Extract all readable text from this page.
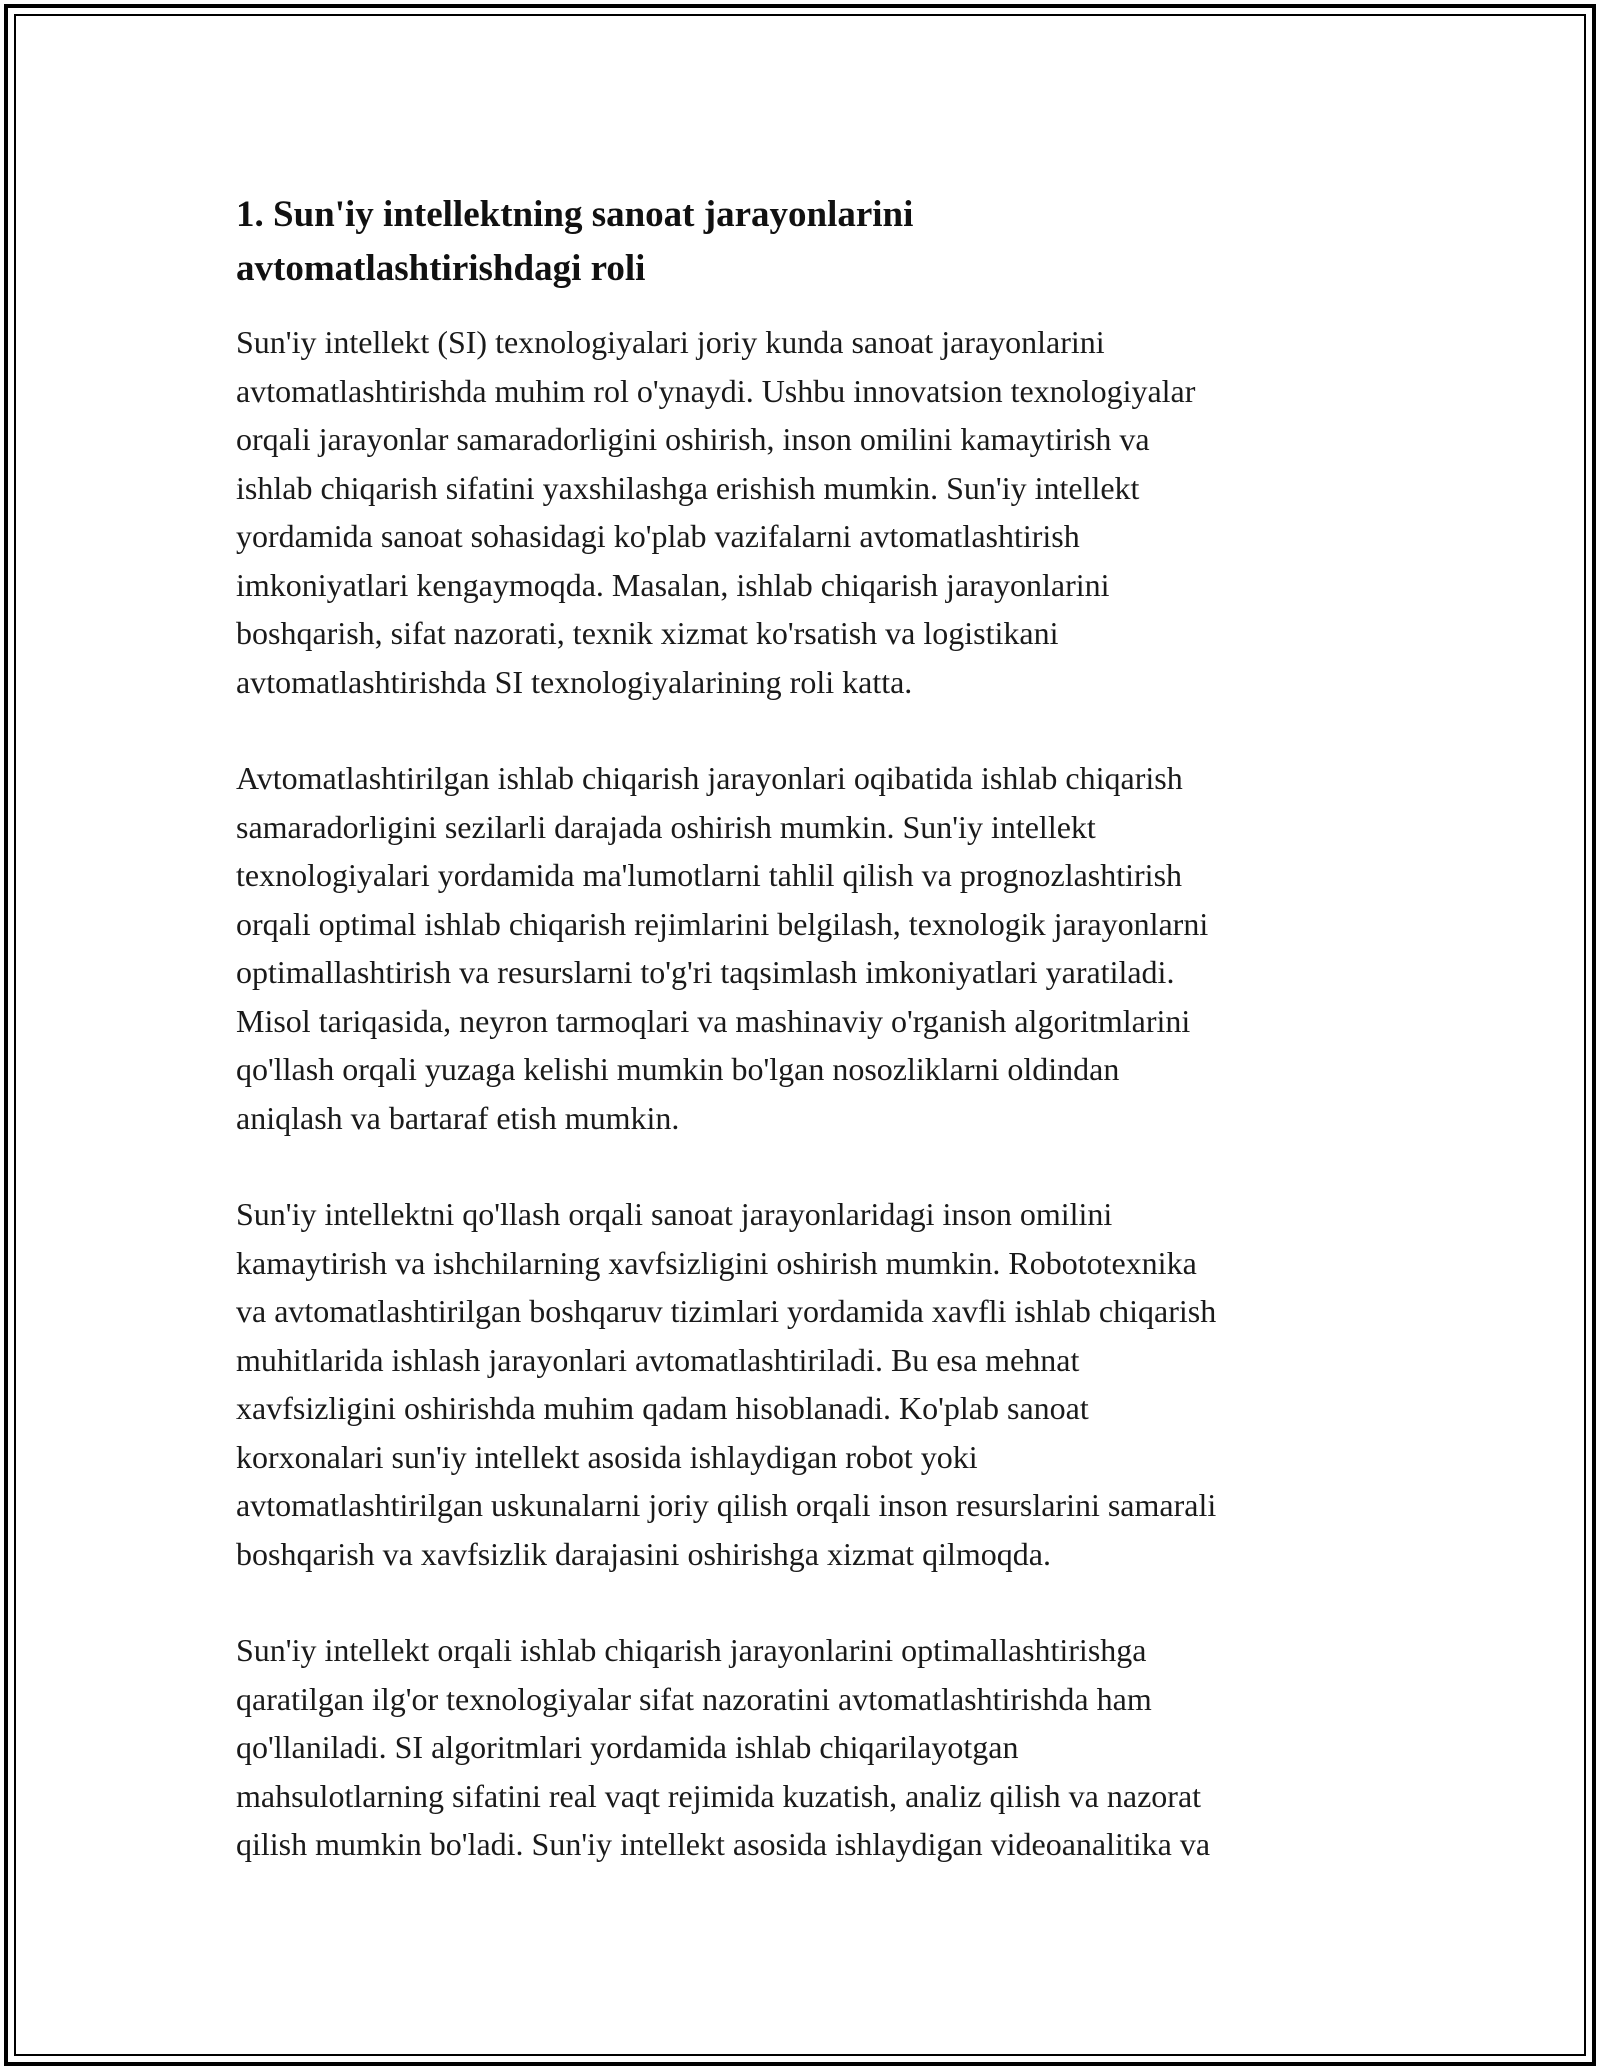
1. Sun'iy intellektning sanoat jarayonlarini
avtomatlashtirishdagi roli

Sun'iy intellekt (SI) texnologiyalari joriy kunda sanoat jarayonlarini
avtomatlashtirishda muhim rol o'ynaydi. Ushbu innovatsion texnologiyalar
orqali jarayonlar samaradorligini oshirish, inson omilini kamaytirish va
ishlab chiqarish sifatini yaxshilashga erishish mumkin. Sun'iy intellekt
yordamida sanoat sohasidagi ko'plab vazifalarni avtomatlashtirish
imkoniyatlari kengaymoqda. Masalan, ishlab chiqarish jarayonlarini
boshqarish, sifat nazorati, texnik xizmat ko'rsatish va logistikani
avtomatlashtirishda SI texnologiyalarining roli katta.

Avtomatlashtirilgan ishlab chiqarish jarayonlari oqibatida ishlab chiqarish
samaradorligini sezilarli darajada oshirish mumkin. Sun'iy intellekt
texnologiyalari yordamida ma'lumotlarni tahlil qilish va prognozlashtirish
orqali optimal ishlab chiqarish rejimlarini belgilash, texnologik jarayonlarni
optimallashtirish va resurslarni to'g'ri taqsimlash imkoniyatlari yaratiladi.
Misol tariqasida, neyron tarmoqlari va mashinaviy o'rganish algoritmlarini
qo'llash orqali yuzaga kelishi mumkin bo'lgan nosozliklarni oldindan
aniqlash va bartaraf etish mumkin.

Sun'iy intellektni qo'llash orqali sanoat jarayonlaridagi inson omilini
kamaytirish va ishchilarning xavfsizligini oshirish mumkin. Robototexnika
va avtomatlashtirilgan boshqaruv tizimlari yordamida xavfli ishlab chiqarish
muhitlarida ishlash jarayonlari avtomatlashtiriladi. Bu esa mehnat
xavfsizligini oshirishda muhim qadam hisoblanadi. Ko'plab sanoat
korxonalari sun'iy intellekt asosida ishlaydigan robot yoki
avtomatlashtirilgan uskunalarni joriy qilish orqali inson resurslarini samarali
boshqarish va xavfsizlik darajasini oshirishga xizmat qilmoqda.

Sun'iy intellekt orqali ishlab chiqarish jarayonlarini optimallashtirishga
qaratilgan ilg'or texnologiyalar sifat nazoratini avtomatlashtirishda ham
qo'llaniladi. SI algoritmlari yordamida ishlab chiqarilayotgan
mahsulotlarning sifatini real vaqt rejimida kuzatish, analiz qilish va nazorat
qilish mumkin bo'ladi. Sun'iy intellekt asosida ishlaydigan videoanalitika va
